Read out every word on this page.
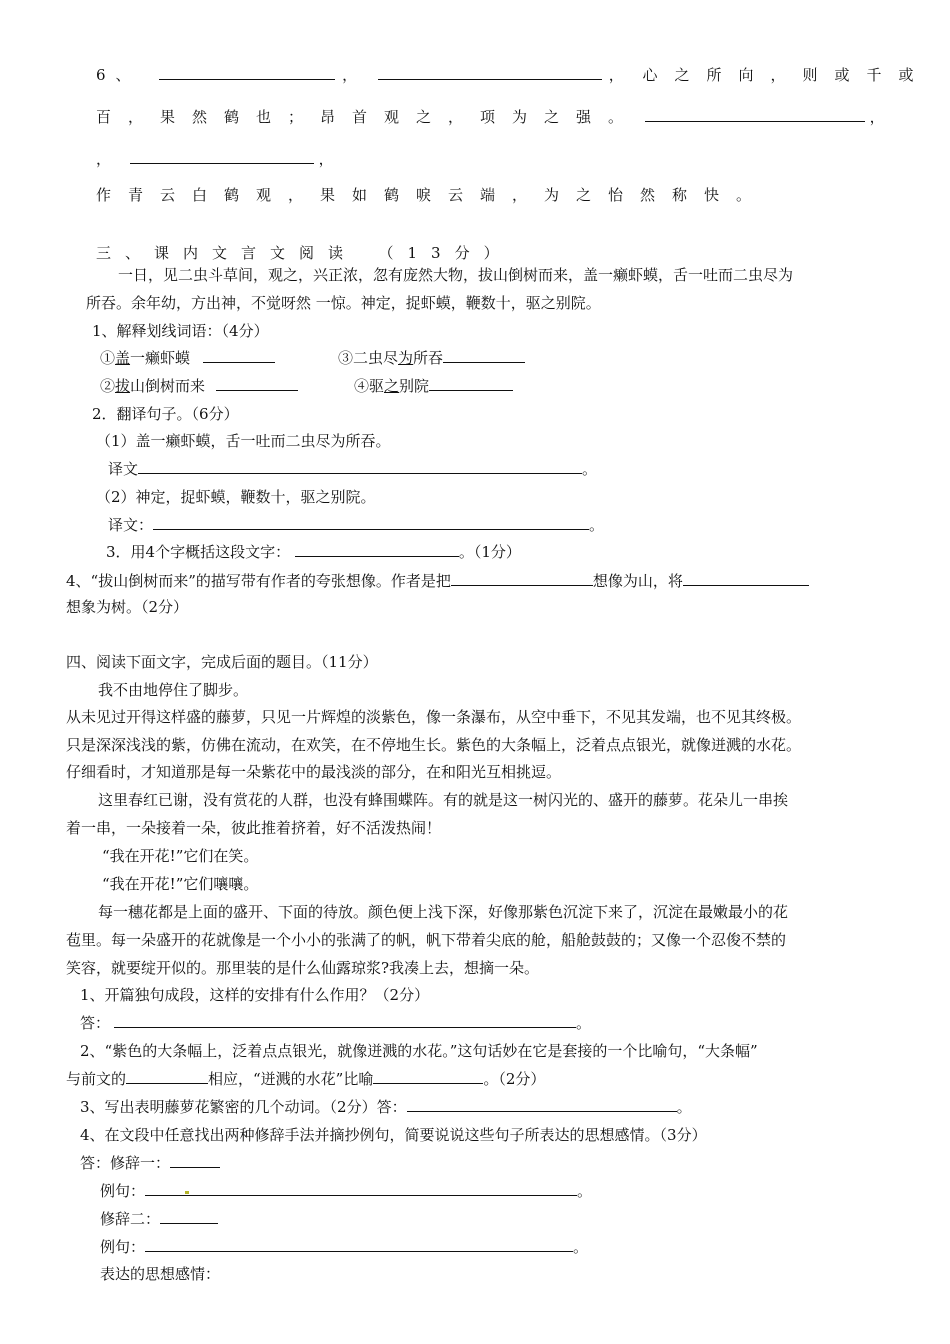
6、	，	， 心之所向，则或千或
百，果然鹤也；昂首观之，项为之强。	，
，	，
作青云白鹤观，果如鹤唳云端，为之怡然称快。
三、课内文言文阅读　（13分）
一日，见二虫斗草间，观之，兴正浓，忽有庞然大物，拔山倒树而来，盖一癞虾蟆，舌一吐而二虫尽为
所吞。余年幼，方出神，不觉呀然 一惊。神定，捉虾蟆，鞭数十，驱之别院。
1、解释划线词语：（4分）
①盖一癞虾蟆	③二虫尽为所吞
②拔山倒树而来	④驱之别院
2．翻译句子。（6分）
（1）盖一癞虾蟆，舌一吐而二虫尽为所吞。
译文	。
（2）神定，捉虾蟆，鞭数十，驱之别院。
译文：	。
3．用4个字概括这段文字：	。（1分）
4、“拔山倒树而来”的描写带有作者的夸张想像。作者是把	想像为山，将
想象为树。（2分）
四、阅读下面文字，完成后面的题目。（11分）
我不由地停住了脚步。
从未见过开得这样盛的藤萝，只见一片辉煌的淡紫色，像一条瀑布，从空中垂下，不见其发端，也不见其终极。
只是深深浅浅的紫，仿佛在流动，在欢笑，在不停地生长。紫色的大条幅上，泛着点点银光，就像迸溅的水花。
仔细看时，才知道那是每一朵紫花中的最浅淡的部分，在和阳光互相挑逗。
这里春红已谢，没有赏花的人群，也没有蜂围蝶阵。有的就是这一树闪光的、盛开的藤萝。花朵儿一串挨
着一串，一朵接着一朵，彼此推着挤着，好不活泼热闹！
“我在开花!”它们在笑。
“我在开花!”它们嚷嚷。
每一穗花都是上面的盛开、下面的待放。颜色便上浅下深，好像那紫色沉淀下来了，沉淀在最嫩最小的花
苞里。每一朵盛开的花就像是一个小小的张满了的帆，帆下带着尖底的舱，船舱鼓鼓的；又像一个忍俊不禁的
笑容，就要绽开似的。那里装的是什么仙露琼浆?我凑上去，想摘一朵。
1、开篇独句成段，这样的安排有什么作用？（2分）
答：	。
2、“紫色的大条幅上，泛着点点银光，就像迸溅的水花。”这句话妙在它是套接的一个比喻句，“大条幅”
与前文的	相应，“迸溅的水花”比喻	。（2分）
3、写出表明藤萝花繁密的几个动词。（2分）答：	。
4、在文段中任意找出两种修辞手法并摘抄例句，简要说说这些句子所表达的思想感情。（3分）
答：修辞一：
例句：	。
修辞二：
例句：	。
表达的思想感情：
